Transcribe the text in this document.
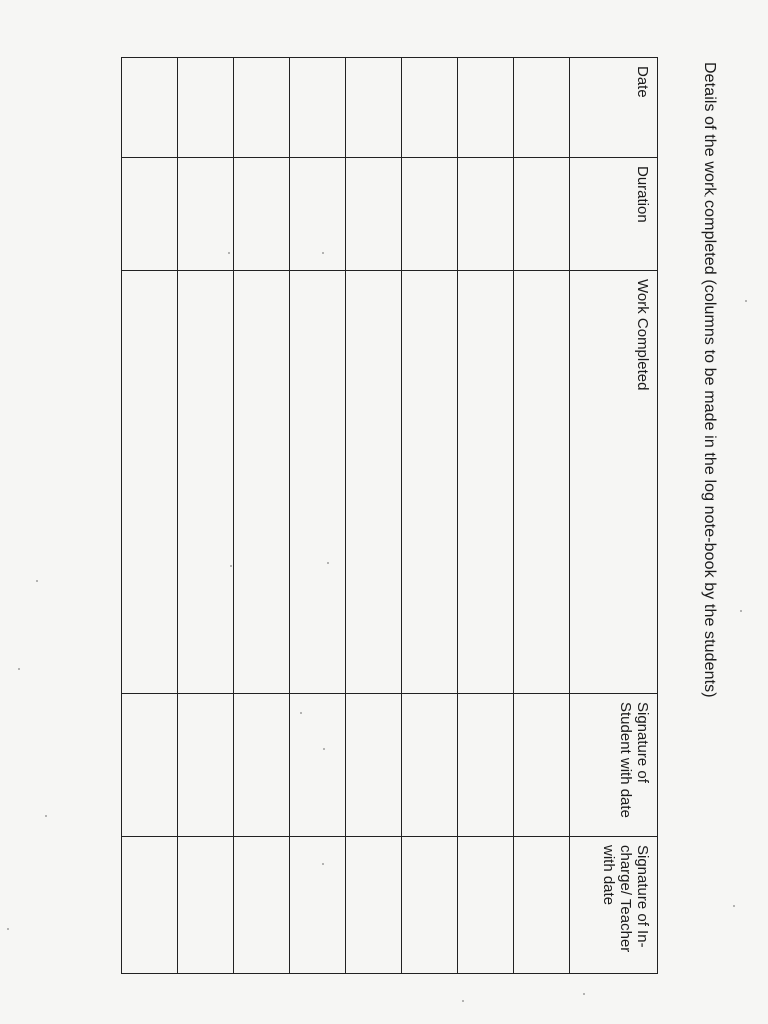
Details of the work completed (columns to be made in the log note-book by the students)
Date	Duration	Work Completed	Signature of Student with date	Signature of In-charge/ Teacher with date
